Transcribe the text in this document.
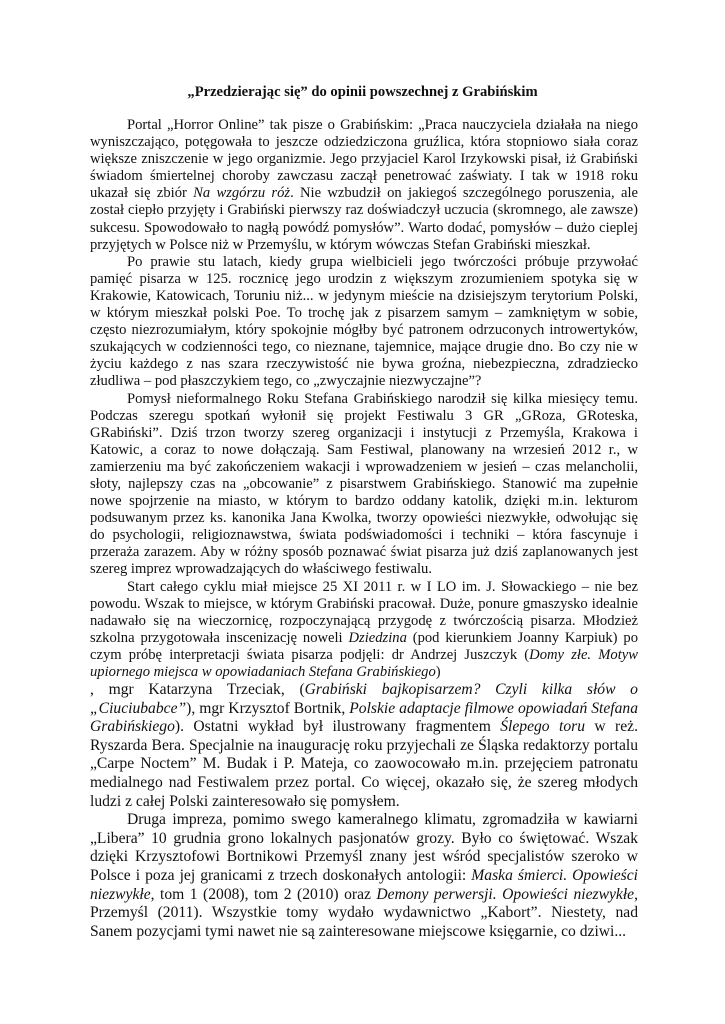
„Przedzierając się” do opinii powszechnej z Grabińskim

Portal „Horror Online” tak pisze o Grabińskim: „Praca nauczyciela działała na niego wyniszczająco, potęgowała to jeszcze odziedziczona gruźlica, która stopniowo siała coraz większe zniszczenie w jego organizmie. Jego przyjaciel Karol Irzykowski pisał, iż Grabiński świadom śmiertelnej choroby zawczasu zaczął penetrować zaświaty. I tak w 1918 roku ukazał się zbiór Na wzgórzu róż. Nie wzbudził on jakiegoś szczególnego poruszenia, ale został ciepło przyjęty i Grabiński pierwszy raz doświadczył uczucia (skromnego, ale zawsze) sukcesu. Spowodowało to nagłą powódź pomysłów”. Warto dodać, pomysłów – dużo cieplej przyjętych w Polsce niż w Przemyślu, w którym wówczas Stefan Grabiński mieszkał.

Po prawie stu latach, kiedy grupa wielbicieli jego twórczości próbuje przywołać pamięć pisarza w 125. rocznicę jego urodzin z większym zrozumieniem spotyka się w Krakowie, Katowicach, Toruniu niż... w jedynym mieście na dzisiejszym terytorium Polski, w którym mieszkał polski Poe. To trochę jak z pisarzem samym – zamkniętym w sobie, często niezrozumiałym, który spokojnie mógłby być patronem odrzuconych introwertyków, szukających w codzienności tego, co nieznane, tajemnice, mające drugie dno. Bo czy nie w życiu każdego z nas szara rzeczywistość nie bywa groźna, niebezpieczna, zdradziecko złudliwa – pod płaszczykiem tego, co „zwyczajnie niezwyczajne”?

Pomysł nieformalnego Roku Stefana Grabińskiego narodził się kilka miesięcy temu. Podczas szeregu spotkań wyłonił się projekt Festiwalu 3 GR „GRoza, GRoteska, GRabiński”. Dziś trzon tworzy szereg organizacji i instytucji z Przemyśla, Krakowa i Katowic, a coraz to nowe dołączają. Sam Festiwal, planowany na wrzesień 2012 r., w zamierzeniu ma być zakończeniem wakacji i wprowadzeniem w jesień – czas melancholii, słoty, najlepszy czas na „obcowanie” z pisarstwem Grabińskiego. Stanowić ma zupełnie nowe spojrzenie na miasto, w którym to bardzo oddany katolik, dzięki m.in. lekturom podsuwanym przez ks. kanonika Jana Kwolka, tworzy opowieści niezwykłe, odwołując się do psychologii, religioznawstwa, świata podświadomości i techniki – która fascynuje i przeraża zarazem. Aby w różny sposób poznawać świat pisarza już dziś zaplanowanych jest szereg imprez wprowadzających do właściwego festiwalu.

Start całego cyklu miał miejsce 25 XI 2011 r. w I LO im. J. Słowackiego – nie bez powodu. Wszak to miejsce, w którym Grabiński pracował. Duże, ponure gmaszysko idealnie nadawało się na wieczornicę, rozpoczynającą przygodę z twórczością pisarza. Młodzież szkolna przygotowała inscenizację noweli Dziedzina (pod kierunkiem Joanny Karpiuk) po czym próbę interpretacji świata pisarza podjęli: dr Andrzej Juszczyk (Domy złe. Motyw upiornego miejsca w opowiadaniach Stefana Grabińskiego)

, mgr Katarzyna Trzeciak, (Grabiński bajkopisarzem? Czyli kilka słów o „Ciuciubabce”), mgr Krzysztof Bortnik, Polskie adaptacje filmowe opowiadań Stefana Grabińskiego). Ostatni wykład był ilustrowany fragmentem Ślepego toru w reż. Ryszarda Bera. Specjalnie na inaugurację roku przyjechali ze Śląska redaktorzy portalu „Carpe Noctem” M. Budak i P. Mateja, co zaowocowało m.in. przejęciem patronatu medialnego nad Festiwalem przez portal. Co więcej, okazało się, że szereg młodych ludzi z całej Polski zainteresowało się pomysłem.

Druga impreza, pomimo swego kameralnego klimatu, zgromadziła w kawiarni „Libera” 10 grudnia grono lokalnych pasjonatów grozy. Było co świętować. Wszak dzięki Krzysztofowi Bortnikowi Przemyśl znany jest wśród specjalistów szeroko w Polsce i poza jej granicami z trzech doskonałych antologii: Maska śmierci. Opowieści niezwykłe, tom 1 (2008), tom 2 (2010) oraz Demony perwersji. Opowieści niezwykłe, Przemyśl (2011). Wszystkie tomy wydało wydawnictwo „Kabort”. Niestety, nad Sanem pozycjami tymi nawet nie są zainteresowane miejscowe księgarnie, co dziwi...
